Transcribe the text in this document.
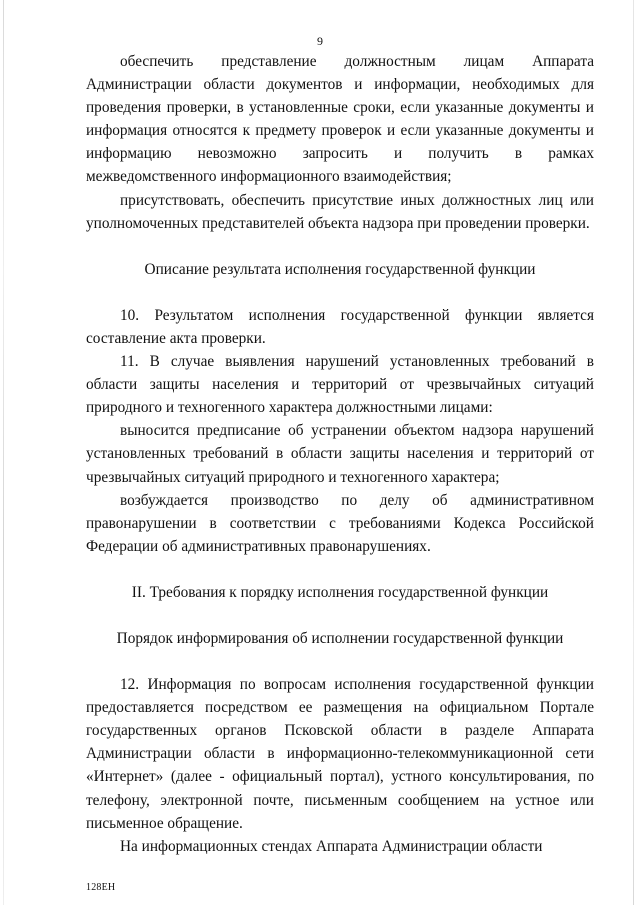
9

обеспечить представление должностным лицам Аппарата Администрации области документов и информации, необходимых для проведения проверки, в установленные сроки, если указанные документы и информация относятся к предмету проверок и если указанные документы и информацию невозможно запросить и получить в рамках межведомственного информационного взаимодействия;

присутствовать, обеспечить присутствие иных должностных лиц или уполномоченных представителей объекта надзора при проведении проверки.

Описание результата исполнения государственной функции

10. Результатом исполнения государственной функции является составление акта проверки.

11. В случае выявления нарушений установленных требований в области защиты населения и территорий от чрезвычайных ситуаций природного и техногенного характера должностными лицами:

выносится предписание об устранении объектом надзора нарушений установленных требований в области защиты населения и территорий от чрезвычайных ситуаций природного и техногенного характера;

возбуждается производство по делу об административном правонарушении в соответствии с требованиями Кодекса Российской Федерации об административных правонарушениях.

II. Требования к порядку исполнения государственной функции

Порядок информирования об исполнении государственной функции

12. Информация по вопросам исполнения государственной функции предоставляется посредством ее размещения на официальном Портале государственных органов Псковской области в разделе Аппарата Администрации области в информационно-телекоммуникационной сети «Интернет» (далее - официальный портал), устного консультирования, по телефону, электронной почте, письменным сообщением на устное или письменное обращение.

На информационных стендах Аппарата Администрации области

128ЕН
